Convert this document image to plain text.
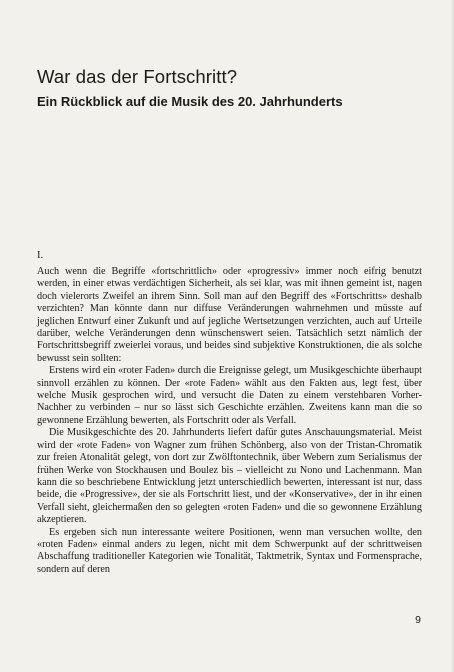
War das der Fortschritt?
Ein Rückblick auf die Musik des 20. Jahrhunderts
I.

Auch wenn die Begriffe «fortschrittlich» oder «progressiv» immer noch eifrig benutzt werden, in einer etwas verdächtigen Sicherheit, als sei klar, was mit ihnen gemeint ist, nagen doch vielerorts Zweifel an ihrem Sinn. Soll man auf den Begriff des «Fortschritts» deshalb verzichten? Man könnte dann nur diffuse Veränderungen wahrnehmen und müsste auf jeglichen Entwurf einer Zukunft und auf jegliche Wertsetzungen verzichten, auch auf Urteile darüber, welche Veränderungen denn wünschenswert seien. Tatsächlich setzt nämlich der Fortschrittsbegriff zweierlei voraus, und beides sind subjektive Konstruktionen, die als solche bewusst sein sollten:

Erstens wird ein «roter Faden» durch die Ereignisse gelegt, um Musikgeschichte überhaupt sinnvoll erzählen zu können. Der «rote Faden» wählt aus den Fakten aus, legt fest, über welche Musik gesprochen wird, und versucht die Daten zu einem verstehbaren Vorher-Nachher zu verbinden – nur so lässt sich Geschichte erzählen. Zweitens kann man die so gewonnene Erzählung bewerten, als Fortschritt oder als Verfall.

Die Musikgeschichte des 20. Jahrhunderts liefert dafür gutes Anschauungsmaterial. Meist wird der «rote Faden» von Wagner zum frühen Schönberg, also von der Tristan-Chromatik zur freien Atonalität gelegt, von dort zur Zwölftontechnik, über Webern zum Serialismus der frühen Werke von Stockhausen und Boulez bis – vielleicht zu Nono und Lachenmann. Man kann die so beschriebene Entwicklung jetzt unterschiedlich bewerten, interessant ist nur, dass beide, die «Progressive», der sie als Fortschritt liest, und der «Konservative», der in ihr einen Verfall sieht, gleichermaßen den so gelegten «roten Faden» und die so gewonnene Erzählung akzeptieren.

Es ergeben sich nun interessante weitere Positionen, wenn man versuchen wollte, den «roten Faden» einmal anders zu legen, nicht mit dem Schwerpunkt auf der schrittweisen Abschaffung traditioneller Kategorien wie Tonalität, Taktmetrik, Syntax und Formensprache, sondern auf deren

9
